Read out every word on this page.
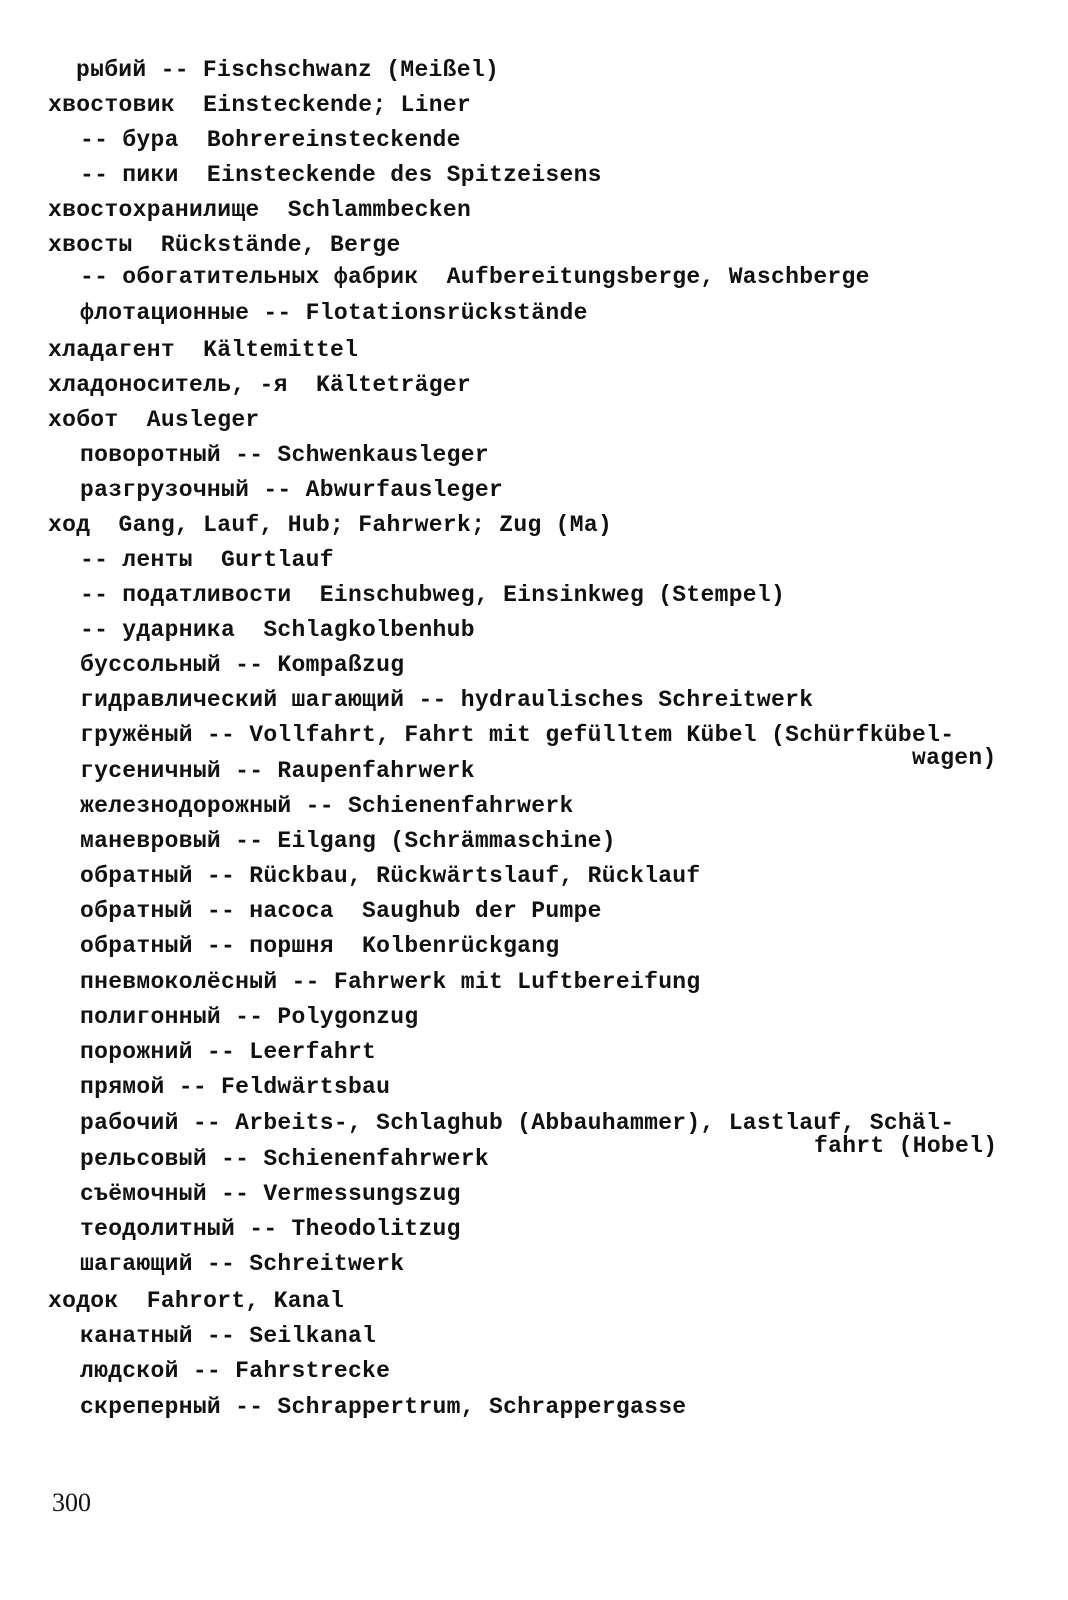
рыбий -- Fischschwanz (Meißel)
хвостовик  Einsteckende; Liner
-- бура  Bohrereinsteckende
-- пики  Einsteckende des Spitzeisens
хвостохранилище  Schlammbecken
хвосты  Rückstände, Berge
-- обогатительных фабрик  Aufbereitungsberge, Waschberge
флотационные -- Flotationsrückstände
хладагент  Kältemittel
хладоноситель, -я  Kälteträger
хобот  Ausleger
поворотный -- Schwenkausleger
разгрузочный -- Abwurfausleger
ход  Gang, Lauf, Hub; Fahrwerk; Zug (Ma)
-- ленты  Gurtlauf
-- податливости  Einschubweg, Einsinkweg (Stempel)
-- ударника  Schlagkolbenhub
буссольный -- Kompaßzug
гидравлический шагающий -- hydraulisches Schreitwerk
гружёный -- Vollfahrt, Fahrt mit gefülltem Kübel (Schürfkübel-
wagen)
гусеничный -- Raupenfahrwerk
железнодорожный -- Schienenfahrwerk
маневровый -- Eilgang (Schrämmaschine)
обратный -- Rückbau, Rückwärtslauf, Rücklauf
обратный -- насоса  Saughub der Pumpe
обратный -- поршня  Kolbenrückgang
пневмоколёсный -- Fahrwerk mit Luftbereifung
полигонный -- Polygonzug
порожний -- Leerfahrt
прямой -- Feldwärtsbau
рабочий -- Arbeits-, Schlaghub (Abbauhammer), Lastlauf, Schäl-
fahrt (Hobel)
рельсовый -- Schienenfahrwerk
съёмочный -- Vermessungszug
теодолитный -- Theodolitzug
шагающий -- Schreitwerk
ходок  Fahrort, Kanal
канатный -- Seilkanal
людской -- Fahrstrecke
скреперный -- Schrappertrum, Schrappergasse
300
